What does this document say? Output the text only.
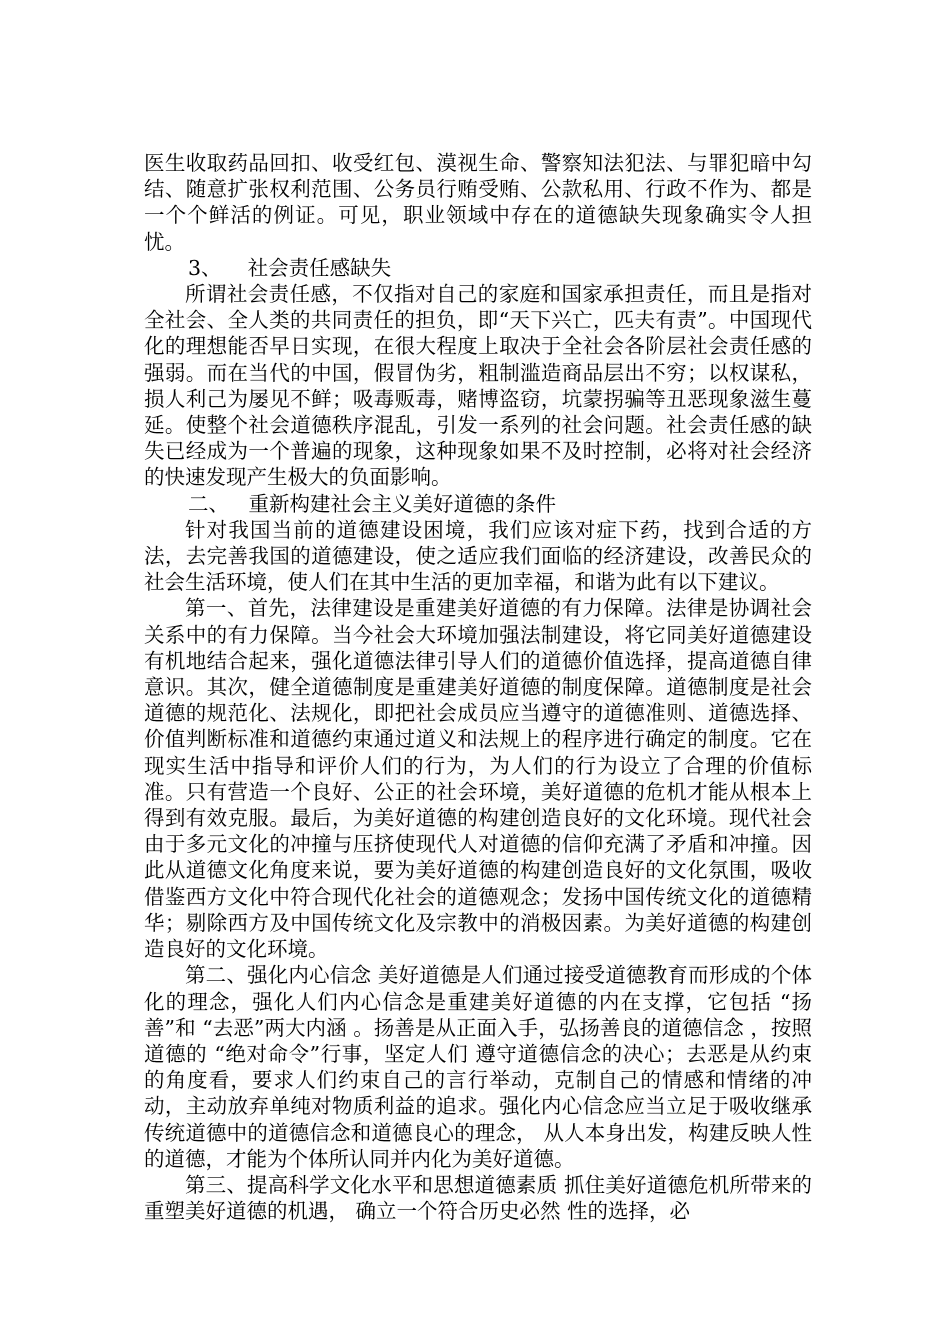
医生收取药品回扣、收受红包、漠视生命、警察知法犯法、与罪犯暗中勾结、随意扩张权利范围、公务员行贿受贿、公款私用、行政不作为、都是一个个鲜活的例证。可见，职业领域中存在的道德缺失现象确实令人担忧。

3、    社会责任感缺失

所谓社会责任感，不仅指对自己的家庭和国家承担责任，而且是指对全社会、全人类的共同责任的担负，即“天下兴亡，匹夫有责”。中国现代化的理想能否早日实现，在很大程度上取决于全社会各阶层社会责任感的强弱。而在当代的中国，假冒伪劣，粗制滥造商品层出不穷；以权谋私，损人利己为屡见不鲜；吸毒贩毒，赌博盗窃，坑蒙拐骗等丑恶现象滋生蔓延。使整个社会道德秩序混乱，引发一系列的社会问题。社会责任感的缺失已经成为一个普遍的现象，这种现象如果不及时控制，必将对社会经济的快速发现产生极大的负面影响。

二、   重新构建社会主义美好道德的条件

针对我国当前的道德建设困境，我们应该对症下药，找到合适的方法，去完善我国的道德建设，使之适应我们面临的经济建设，改善民众的社会生活环境，使人们在其中生活的更加幸福，和谐为此有以下建议。

第一、首先，法律建设是重建美好道德的有力保障。法律是协调社会关系中的有力保障。当今社会大环境加强法制建设，将它同美好道德建设有机地结合起来，强化道德法律引导人们的道德价值选择，提高道德自律意识。其次，健全道德制度是重建美好道德的制度保障。道德制度是社会道德的规范化、法规化，即把社会成员应当遵守的道德准则、道德选择、价值判断标准和道德约束通过道义和法规上的程序进行确定的制度。它在现实生活中指导和评价人们的行为，为人们的行为设立了合理的价值标准。只有营造一个良好、公正的社会环境，美好道德的危机才能从根本上得到有效克服。最后，为美好道德的构建创造良好的文化环境。现代社会由于多元文化的冲撞与压挤使现代人对道德的信仰充满了矛盾和冲撞。因此从道德文化角度来说，要为美好道德的构建创造良好的文化氛围，吸收借鉴西方文化中符合现代化社会的道德观念；发扬中国传统文化的道德精华；剔除西方及中国传统文化及宗教中的消极因素。为美好道德的构建创造良好的文化环境。

第二、强化内心信念 美好道德是人们通过接受道德教育而形成的个体化的理念，强化人们内心信念是重建美好道德的内在支撑，它包括 “扬善”和 “去恶”两大内涵 。扬善是从正面入手，弘扬善良的道德信念 ，按照道德的 “绝对命令”行事，坚定人们 遵守道德信念的决心；去恶是从约束的角度看，要求人们约束自己的言行举动，克制自己的情感和情绪的冲动，主动放弃单纯对物质利益的追求。强化内心信念应当立足于吸收继承传统道德中的道德信念和道德良心的理念， 从人本身出发，构建反映人性的道德，才能为个体所认同并内化为美好道德。

第三、提高科学文化水平和思想道德素质 抓住美好道德危机所带来的重塑美好道德的机遇， 确立一个符合历史必然 性的选择，必
